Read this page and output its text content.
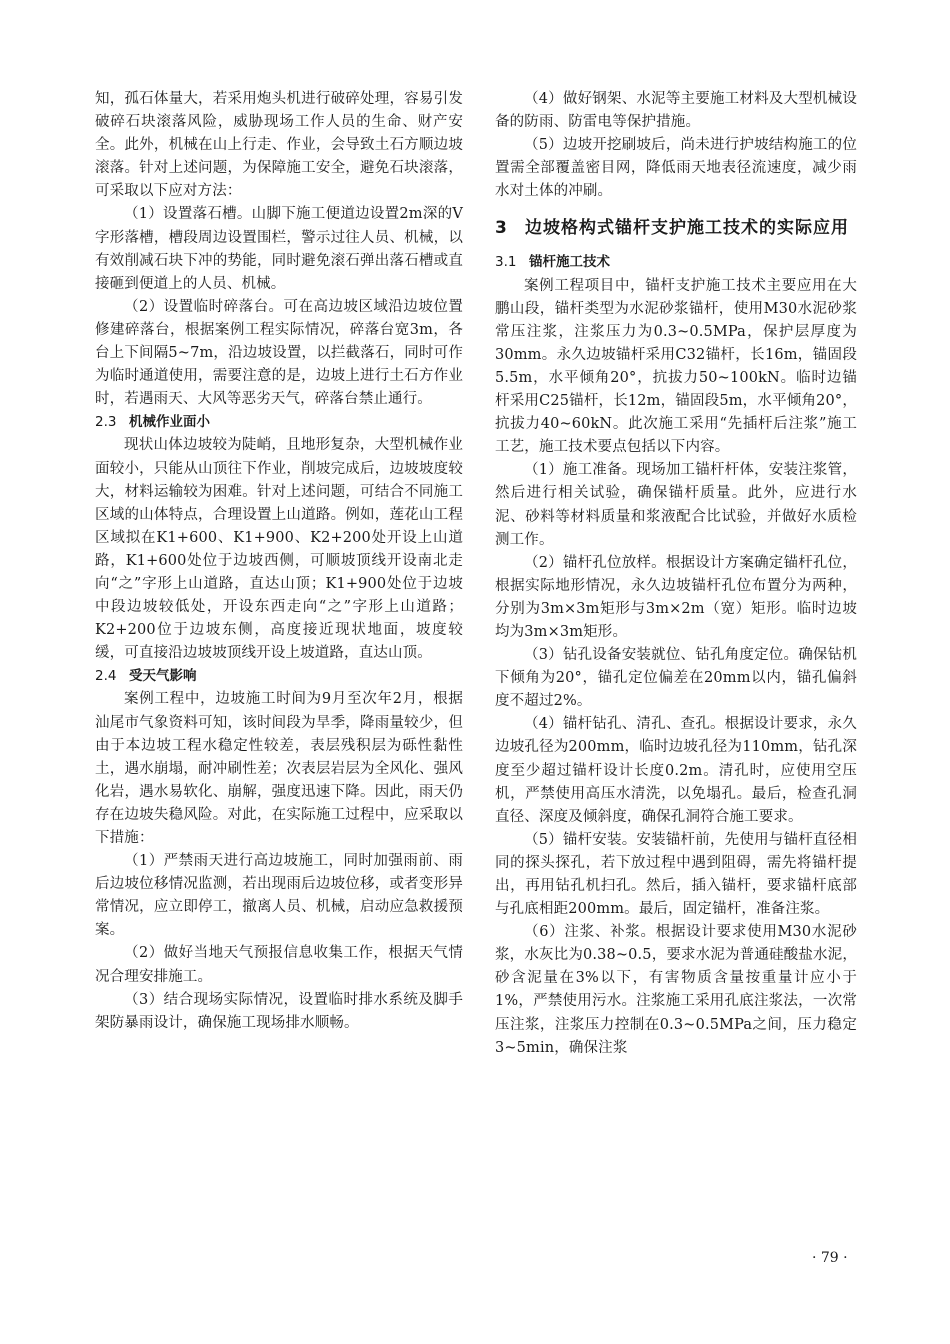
知，孤石体量大，若采用炮头机进行破碎处理，容易引发破碎石块滚落风险，威胁现场工作人员的生命、财产安全。此外，机械在山上行走、作业，会导致土石方顺边坡滚落。针对上述问题，为保障施工安全，避免石块滚落，可采取以下应对方法：

（1）设置落石槽。山脚下施工便道边设置2m深的V字形落槽，槽段周边设置围栏，警示过往人员、机械，以有效削减石块下冲的势能，同时避免滚石弹出落石槽或直接砸到便道上的人员、机械。

（2）设置临时碎落台。可在高边坡区域沿边坡位置修建碎落台，根据案例工程实际情况，碎落台宽3m，各台上下间隔5~7m，沿边坡设置，以拦截落石，同时可作为临时通道使用，需要注意的是，边坡上进行土石方作业时，若遇雨天、大风等恶劣天气，碎落台禁止通行。

2.3 机械作业面小

现状山体边坡较为陡峭，且地形复杂，大型机械作业面较小，只能从山顶往下作业，削坡完成后，边坡坡度较大，材料运输较为困难。针对上述问题，可结合不同施工区域的山体特点，合理设置上山道路。例如，莲花山工程区域拟在K1+600、K1+900、K2+200处开设上山道路，K1+600处位于边坡西侧，可顺坡顶线开设南北走向“之”字形上山道路，直达山顶；K1+900处位于边坡中段边坡较低处，开设东西走向“之”字形上山道路；K2+200位于边坡东侧，高度接近现状地面，坡度较缓，可直接沿边坡坡顶线开设上坡道路，直达山顶。

2.4 受天气影响

案例工程中，边坡施工时间为9月至次年2月，根据汕尾市气象资料可知，该时间段为旱季，降雨量较少，但由于本边坡工程水稳定性较差，表层残积层为砾性黏性土，遇水崩塌，耐冲刷性差；次表层岩层为全风化、强风化岩，遇水易软化、崩解，强度迅速下降。因此，雨天仍存在边坡失稳风险。对此，在实际施工过程中，应采取以下措施：

（1）严禁雨天进行高边坡施工，同时加强雨前、雨后边坡位移情况监测，若出现雨后边坡位移，或者变形异常情况，应立即停工，撤离人员、机械，启动应急救援预案。

（2）做好当地天气预报信息收集工作，根据天气情况合理安排施工。

（3）结合现场实际情况，设置临时排水系统及脚手架防暴雨设计，确保施工现场排水顺畅。

（4）做好钢架、水泥等主要施工材料及大型机械设备的防雨、防雷电等保护措施。

（5）边坡开挖刷坡后，尚未进行护坡结构施工的位置需全部覆盖密目网，降低雨天地表径流速度，减少雨水对土体的冲刷。

3 边坡格构式锚杆支护施工技术的实际应用
3.1 锚杆施工技术

案例工程项目中，锚杆支护施工技术主要应用在大鹏山段，锚杆类型为水泥砂浆锚杆，使用M30水泥砂浆常压注浆，注浆压力为0.3~0.5MPa，保护层厚度为30mm。永久边坡锚杆采用C32锚杆，长16m，锚固段5.5m，水平倾角20°，抗拔力50~100kN。临时边锚杆采用C25锚杆，长12m，锚固段5m，水平倾角20°，抗拔力40~60kN。此次施工采用“先插杆后注浆”施工工艺，施工技术要点包括以下内容。

（1）施工准备。现场加工锚杆杆体，安装注浆管，然后进行相关试验，确保锚杆质量。此外，应进行水泥、砂料等材料质量和浆液配合比试验，并做好水质检测工作。

（2）锚杆孔位放样。根据设计方案确定锚杆孔位，根据实际地形情况，永久边坡锚杆孔位布置分为两种，分别为3m×3m矩形与3m×2m（宽）矩形。临时边坡均为3m×3m矩形。

（3）钻孔设备安装就位、钻孔角度定位。确保钻机下倾角为20°，锚孔定位偏差在20mm以内，锚孔偏斜度不超过2%。

（4）锚杆钻孔、清孔、查孔。根据设计要求，永久边坡孔径为200mm，临时边坡孔径为110mm，钻孔深度至少超过锚杆设计长度0.2m。清孔时，应使用空压机，严禁使用高压水清洗，以免塌孔。最后，检查孔洞直径、深度及倾斜度，确保孔洞符合施工要求。

（5）锚杆安装。安装锚杆前，先使用与锚杆直径相同的探头探孔，若下放过程中遇到阻碍，需先将锚杆提出，再用钻孔机扫孔。然后，插入锚杆，要求锚杆底部与孔底相距200mm。最后，固定锚杆，准备注浆。

（6）注浆、补浆。根据设计要求使用M30水泥砂浆，水灰比为0.38~0.5，要求水泥为普通硅酸盐水泥，砂含泥量在3%以下，有害物质含量按重量计应小于1%，严禁使用污水。注浆施工采用孔底注浆法，一次常压注浆，注浆压力控制在0.3~0.5MPa之间，压力稳定3~5min，确保注浆

· 79 ·
